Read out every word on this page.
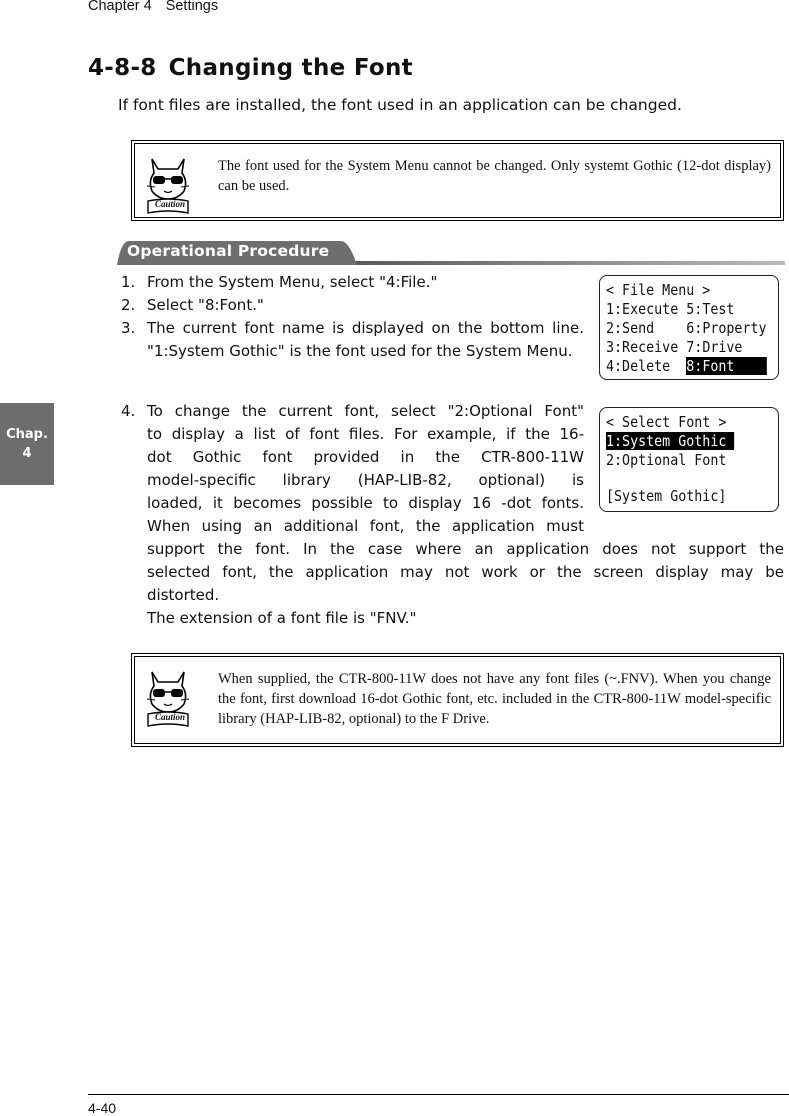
Chapter 4 Settings
4-8-8 Changing the Font
If font files are installed, the font used in an application can be changed.
Caution
The font used for the System Menu cannot be changed. Only systemt Gothic (12-dot display) can be used.
Operational Procedure
1. From the System Menu, select "4:File."
2. Select "8:Font."
3. The current font name is displayed on the bottom line. "1:System Gothic" is the font used for the System Menu.
4. To change the current font, select "2:Optional Font"
to display a list of font files. For example, if the 16-
dot Gothic font provided in the CTR-800-11W
model-specific library (HAP-LIB-82, optional) is
loaded, it becomes possible to display 16 -dot fonts.
When using an additional font, the application must
support the font. In the case where an application does not support the
selected font, the application may not work or the screen display may be
distorted.
The extension of a font file is "FNV."
< File Menu >
1:Execute 5:Test
2:Send    6:Property
3:Receive 7:Drive
4:Delete  8:Font
< Select Font >
1:System Gothic
2:Optional Font
[System Gothic]
Caution
When supplied, the CTR-800-11W does not have any font files (~.FNV). When you change the font, first download 16-dot Gothic font, etc. included in the CTR-800-11W model-specific library (HAP-LIB-82, optional) to the F Drive.
Chap.
4
4-40
